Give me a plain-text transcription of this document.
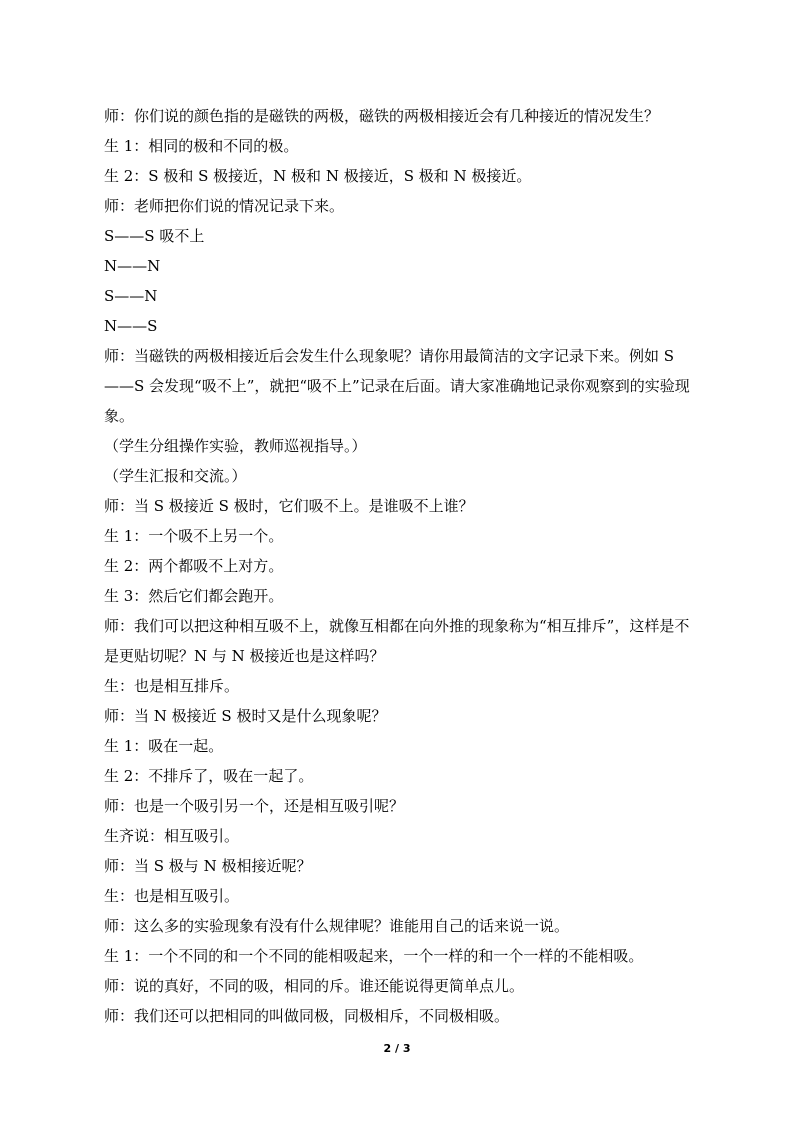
师：你们说的颜色指的是磁铁的两极，磁铁的两极相接近会有几种接近的情况发生？

生 1：相同的极和不同的极。

生 2：S 极和 S 极接近，N 极和 N 极接近，S 极和 N 极接近。

师：老师把你们说的情况记录下来。

S——S 吸不上

N——N

S——N

N——S

师：当磁铁的两极相接近后会发生什么现象呢？请你用最简洁的文字记录下来。例如 S——S 会发现“吸不上”，就把“吸不上”记录在后面。请大家准确地记录你观察到的实验现象。

（学生分组操作实验，教师巡视指导。）

（学生汇报和交流。）

师：当 S 极接近 S 极时，它们吸不上。是谁吸不上谁？

生 1：一个吸不上另一个。

生 2：两个都吸不上对方。

生 3：然后它们都会跑开。

师：我们可以把这种相互吸不上，就像互相都在向外推的现象称为“相互排斥”，这样是不是更贴切呢？N 与 N 极接近也是这样吗？

生：也是相互排斥。

师：当 N 极接近 S 极时又是什么现象呢？

生 1：吸在一起。

生 2：不排斥了，吸在一起了。

师：也是一个吸引另一个，还是相互吸引呢？

生齐说：相互吸引。

师：当 S 极与 N 极相接近呢？

生：也是相互吸引。

师：这么多的实验现象有没有什么规律呢？谁能用自己的话来说一说。

生 1：一个不同的和一个不同的能相吸起来，一个一样的和一个一样的不能相吸。

师：说的真好，不同的吸，相同的斥。谁还能说得更简单点儿。

师：我们还可以把相同的叫做同极，同极相斥，不同极相吸。

2 / 3
